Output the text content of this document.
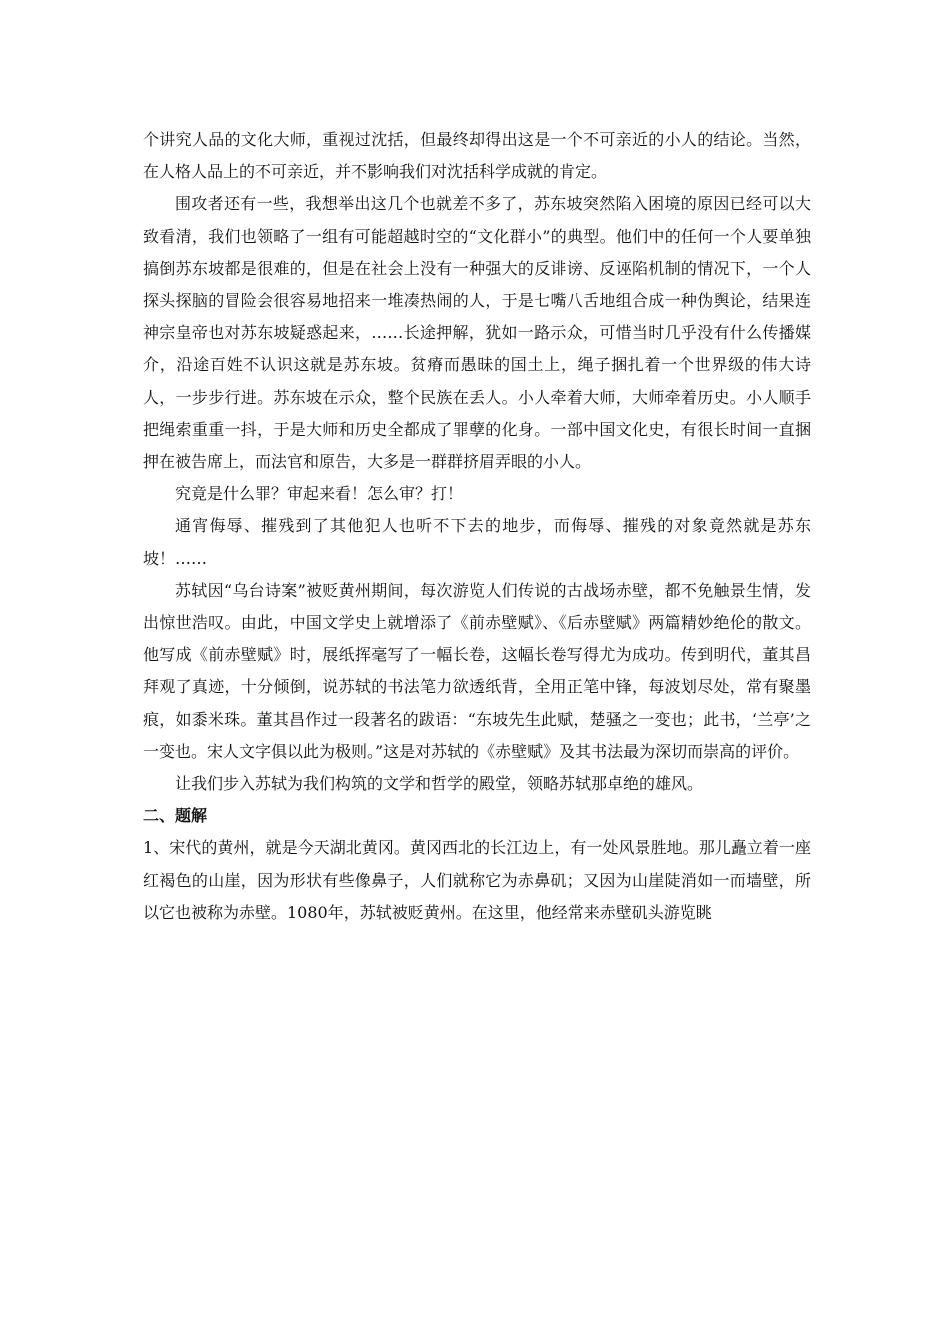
个讲究人品的文化大师，重视过沈括，但最终却得出这是一个不可亲近的小人的结论。当然，在人格人品上的不可亲近，并不影响我们对沈括科学成就的肯定。

围攻者还有一些，我想举出这几个也就差不多了，苏东坡突然陷入困境的原因已经可以大致看清，我们也领略了一组有可能超越时空的“文化群小”的典型。他们中的任何一个人要单独搞倒苏东坡都是很难的，但是在社会上没有一种强大的反诽谤、反诬陷机制的情况下，一个人探头探脑的冒险会很容易地招来一堆凑热闹的人，于是七嘴八舌地组合成一种伪舆论，结果连神宗皇帝也对苏东坡疑惑起来，……长途押解，犹如一路示众，可惜当时几乎没有什么传播媒介，沿途百姓不认识这就是苏东坡。贫瘠而愚昧的国土上，绳子捆扎着一个世界级的伟大诗人，一步步行进。苏东坡在示众，整个民族在丢人。小人牵着大师，大师牵着历史。小人顺手把绳索重重一抖，于是大师和历史全都成了罪孽的化身。一部中国文化史，有很长时间一直捆押在被告席上，而法官和原告，大多是一群群挤眉弄眼的小人。

究竟是什么罪？审起来看！怎么审？打！

通宵侮辱、摧残到了其他犯人也听不下去的地步，而侮辱、摧残的对象竟然就是苏东坡！……

苏轼因“乌台诗案”被贬黄州期间，每次游览人们传说的古战场赤壁，都不免触景生情，发出惊世浩叹。由此，中国文学史上就增添了《前赤壁赋》、《后赤壁赋》两篇精妙绝伦的散文。他写成《前赤壁赋》时，展纸挥毫写了一幅长卷，这幅长卷写得尤为成功。传到明代，董其昌拜观了真迹，十分倾倒，说苏轼的书法笔力欲透纸背，全用正笔中锋，每波划尽处，常有聚墨痕，如黍米珠。董其昌作过一段著名的跋语：“东坡先生此赋，楚骚之一变也；此书，‘兰亭’之一变也。宋人文字俱以此为极则。”这是对苏轼的《赤壁赋》及其书法最为深切而崇高的评价。

让我们步入苏轼为我们构筑的文学和哲学的殿堂，领略苏轼那卓绝的雄风。

二、题解

1、宋代的黄州，就是今天湖北黄冈。黄冈西北的长江边上，有一处风景胜地。那儿矗立着一座红褐色的山崖，因为形状有些像鼻子，人们就称它为赤鼻矶；又因为山崖陡消如一而墙壁，所以它也被称为赤壁。1080年，苏轼被贬黄州。在这里，他经常来赤壁矶头游览眺
